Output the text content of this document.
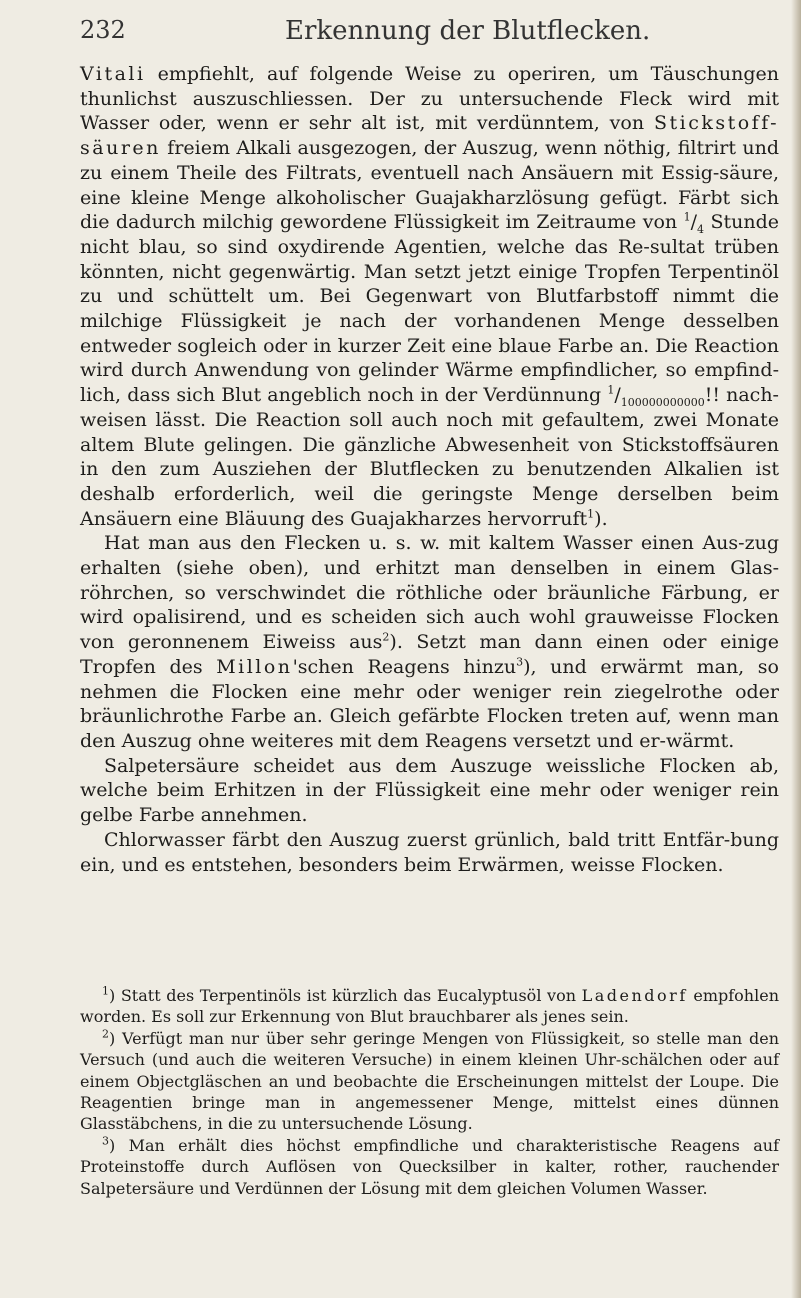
232	Erkennung der Blutflecken.

Vitali empfiehlt, auf folgende Weise zu operiren, um Täuschungen thunlichst auszuschliessen. Der zu untersuchende Fleck wird mit Wasser oder, wenn er sehr alt ist, mit verdünntem, von Stickstoff-säuren freiem Alkali ausgezogen, der Auszug, wenn nöthig, filtrirt und zu einem Theile des Filtrats, eventuell nach Ansäuern mit Essig-säure, eine kleine Menge alkoholischer Guajakharzlösung gefügt. Färbt sich die dadurch milchig gewordene Flüssigkeit im Zeitraume von $^1/_4$ Stunde nicht blau, so sind oxydirende Agentien, welche das Re-sultat trüben könnten, nicht gegenwärtig. Man setzt jetzt einige Tropfen Terpentinöl zu und schüttelt um. Bei Gegenwart von Blutfarbstoff nimmt die milchige Flüssigkeit je nach der vorhandenen Menge desselben entweder sogleich oder in kurzer Zeit eine blaue Farbe an. Die Reaction wird durch Anwendung von gelinder Wärme empfindlicher, so empfind-lich, dass sich Blut angeblich noch in der Verdünnung $^1/_{100000000000}$!! nach-weisen lässt. Die Reaction soll auch noch mit gefaultem, zwei Monate altem Blute gelingen. Die gänzliche Abwesenheit von Stickstoffsäuren in den zum Ausziehen der Blutflecken zu benutzenden Alkalien ist deshalb erforderlich, weil die geringste Menge derselben beim Ansäuern eine Bläuung des Guajakharzes hervorruft$^1$).

Hat man aus den Flecken u. s. w. mit kaltem Wasser einen Aus-zug erhalten (siehe oben), und erhitzt man denselben in einem Glas-röhrchen, so verschwindet die röthliche oder bräunliche Färbung, er wird opalisirend, und es scheiden sich auch wohl grauweisse Flocken von geronnenem Eiweiss aus$^2$). Setzt man dann einen oder einige Tropfen des Millon'schen Reagens hinzu$^3$), und erwärmt man, so nehmen die Flocken eine mehr oder weniger rein ziegelrothe oder bräunlichrothe Farbe an. Gleich gefärbte Flocken treten auf, wenn man den Auszug ohne weiteres mit dem Reagens versetzt und er-wärmt.

Salpetersäure scheidet aus dem Auszuge weissliche Flocken ab, welche beim Erhitzen in der Flüssigkeit eine mehr oder weniger rein gelbe Farbe annehmen.

Chlorwasser färbt den Auszug zuerst grünlich, bald tritt Entfär-bung ein, und es entstehen, besonders beim Erwärmen, weisse Flocken.

$^1$) Statt des Terpentinöls ist kürzlich das Eucalyptusöl von Ladendorf empfohlen worden. Es soll zur Erkennung von Blut brauchbarer als jenes sein.

$^2$) Verfügt man nur über sehr geringe Mengen von Flüssigkeit, so stelle man den Versuch (und auch die weiteren Versuche) in einem kleinen Uhr-schälchen oder auf einem Objectgläschen an und beobachte die Erscheinungen mittelst der Loupe. Die Reagentien bringe man in angemessener Menge, mittelst eines dünnen Glasstäbchens, in die zu untersuchende Lösung.

$^3$) Man erhält dies höchst empfindliche und charakteristische Reagens auf Proteinstoffe durch Auflösen von Quecksilber in kalter, rother, rauchender Salpetersäure und Verdünnen der Lösung mit dem gleichen Volumen Wasser.
